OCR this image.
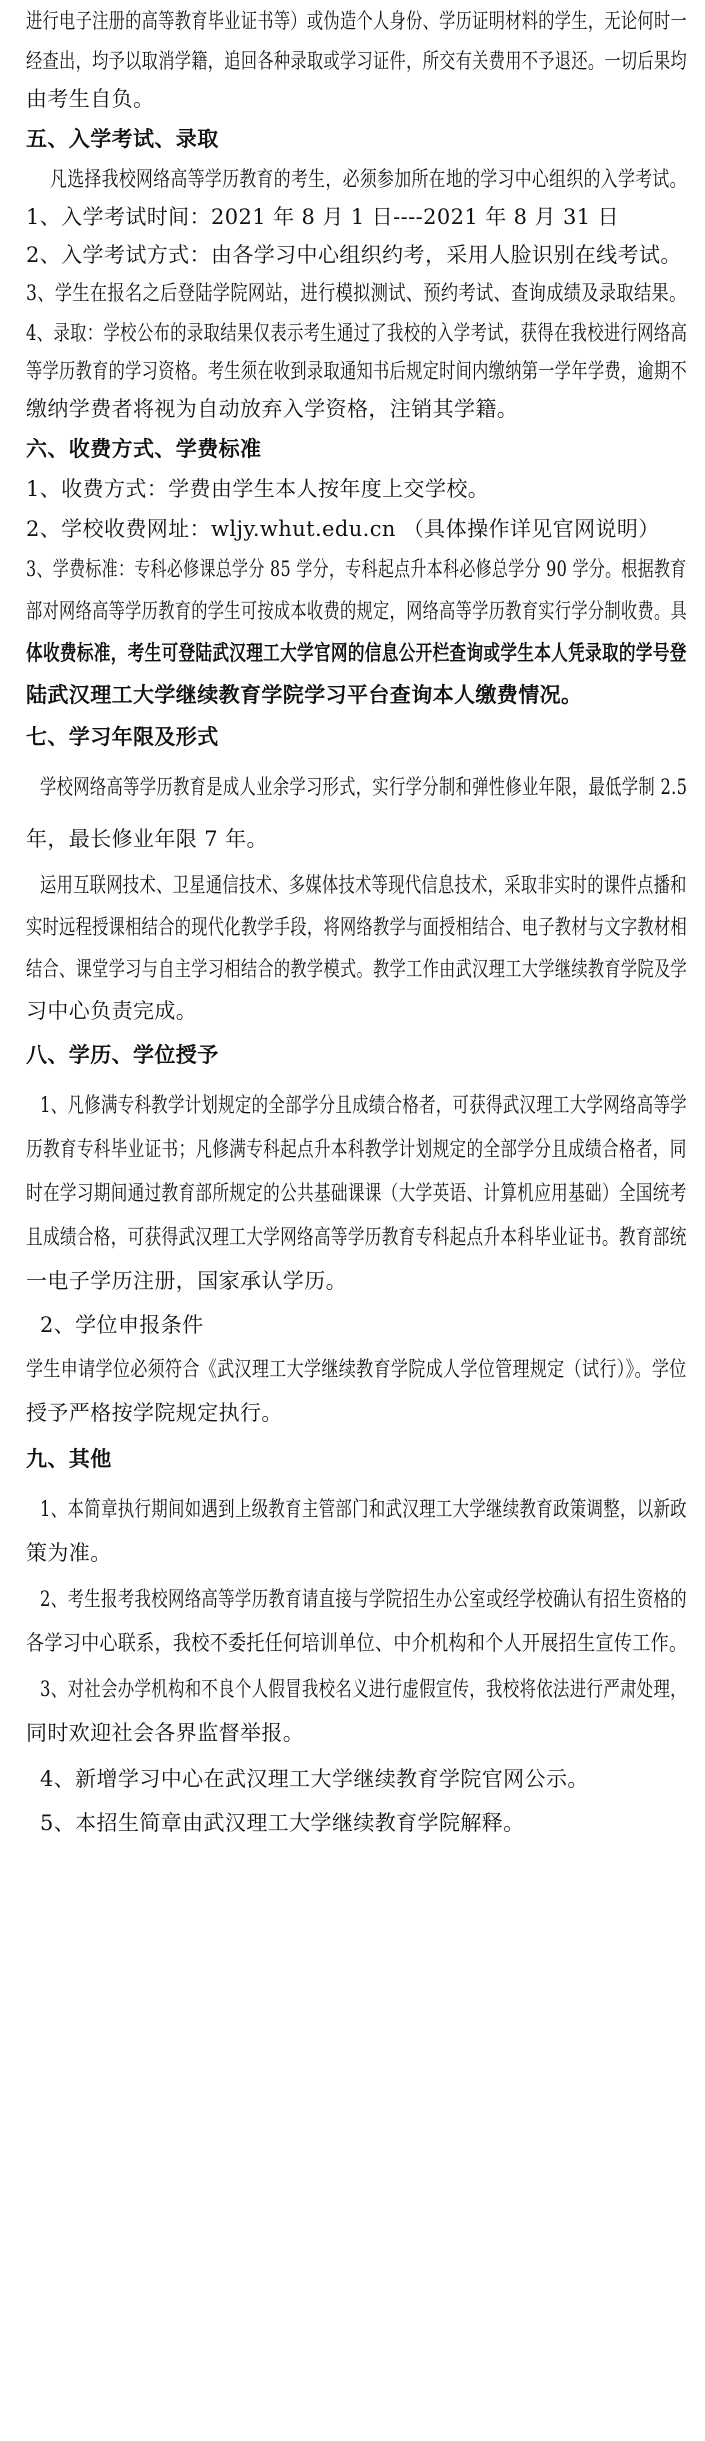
进行电子注册的高等教育毕业证书等）或伪造个人身份、学历证明材料的学生，无论何时一
经查出，均予以取消学籍，追回各种录取或学习证件，所交有关费用不予退还。一切后果均
由考生自负。
五、入学考试、录取
凡选择我校网络高等学历教育的考生，必须参加所在地的学习中心组织的入学考试。
1、入学考试时间：2021 年 8 月 1 日----2021 年 8 月 31 日
2、入学考试方式：由各学习中心组织约考，采用人脸识别在线考试。
3、学生在报名之后登陆学院网站，进行模拟测试、预约考试、查询成绩及录取结果。
4、录取：学校公布的录取结果仅表示考生通过了我校的入学考试，获得在我校进行网络高
等学历教育的学习资格。考生须在收到录取通知书后规定时间内缴纳第一学年学费，逾期不
缴纳学费者将视为自动放弃入学资格，注销其学籍。
六、收费方式、学费标准
1、收费方式：学费由学生本人按年度上交学校。
2、学校收费网址：wljy.whut.edu.cn （具体操作详见官网说明）
3、学费标准：专科必修课总学分 85 学分，专科起点升本科必修总学分 90 学分。根据教育
部对网络高等学历教育的学生可按成本收费的规定，网络高等学历教育实行学分制收费。具
体收费标准，考生可登陆武汉理工大学官网的信息公开栏查询或学生本人凭录取的学号登
陆武汉理工大学继续教育学院学习平台查询本人缴费情况。
七、学习年限及形式
学校网络高等学历教育是成人业余学习形式，实行学分制和弹性修业年限，最低学制 2.5
年，最长修业年限 7 年。
运用互联网技术、卫星通信技术、多媒体技术等现代信息技术，采取非实时的课件点播和
实时远程授课相结合的现代化教学手段，将网络教学与面授相结合、电子教材与文字教材相
结合、课堂学习与自主学习相结合的教学模式。教学工作由武汉理工大学继续教育学院及学
习中心负责完成。
八、学历、学位授予
1、凡修满专科教学计划规定的全部学分且成绩合格者，可获得武汉理工大学网络高等学
历教育专科毕业证书；凡修满专科起点升本科教学计划规定的全部学分且成绩合格者，同
时在学习期间通过教育部所规定的公共基础课课（大学英语、计算机应用基础）全国统考
且成绩合格，可获得武汉理工大学网络高等学历教育专科起点升本科毕业证书。教育部统
一电子学历注册，国家承认学历。
2、学位申报条件
学生申请学位必须符合《武汉理工大学继续教育学院成人学位管理规定（试行）》。学位
授予严格按学院规定执行。
九、其他
1、本简章执行期间如遇到上级教育主管部门和武汉理工大学继续教育政策调整，以新政
策为准。
2、考生报考我校网络高等学历教育请直接与学院招生办公室或经学校确认有招生资格的
各学习中心联系，我校不委托任何培训单位、中介机构和个人开展招生宣传工作。
3、对社会办学机构和不良个人假冒我校名义进行虚假宣传，我校将依法进行严肃处理，
同时欢迎社会各界监督举报。
4、新增学习中心在武汉理工大学继续教育学院官网公示。
5、本招生简章由武汉理工大学继续教育学院解释。
